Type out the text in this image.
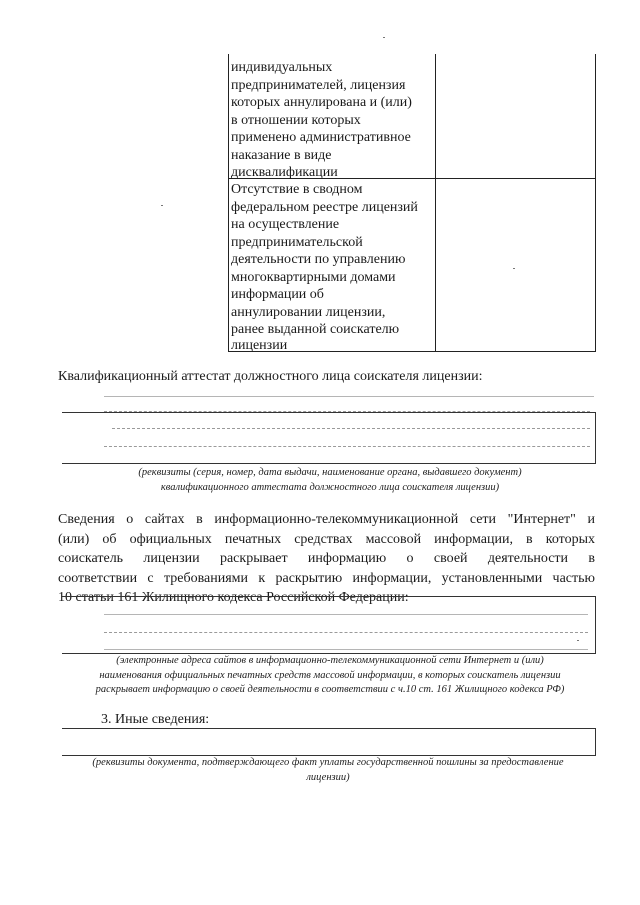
индивидуальных
предпринимателей, лицензия
которых аннулирована и (или)
в отношении которых
применено административное
наказание в виде
дисквалификации
Отсутствие в сводном
федеральном реестре лицензий
на осуществление
предпринимательской
деятельности по управлению
многоквартирными домами
информации об
аннулировании лицензии,
ранее выданной соискателю
лицензии
Квалификационный аттестат должностного лица соискателя лицензии:
(реквизиты (серия, номер, дата выдачи, наименование органа, выдавшего документ)
квалификационного аттестата должностного лица соискателя лицензии)
Сведения о сайтах в информационно-телекоммуникационной сети "Интернет" и
(или) об официальных печатных средствах массовой информации, в которых
соискатель лицензии раскрывает информацию о своей деятельности в
соответствии с требованиями к раскрытию информации, установленными частью
10 статьи 161 Жилищного кодекса Российской Федерации:
(электронные адреса сайтов в информационно-телекоммуникационной сети Интернет и (или)
наименования официальных печатных средств массовой информации, в которых соискатель лицензии
раскрывает информацию о своей деятельности в соответствии с ч.10 ст. 161 Жилищного кодекса РФ)
3. Иные сведения:
(реквизиты документа, подтверждающего факт уплаты государственной пошлины за предоставление
лицензии)
